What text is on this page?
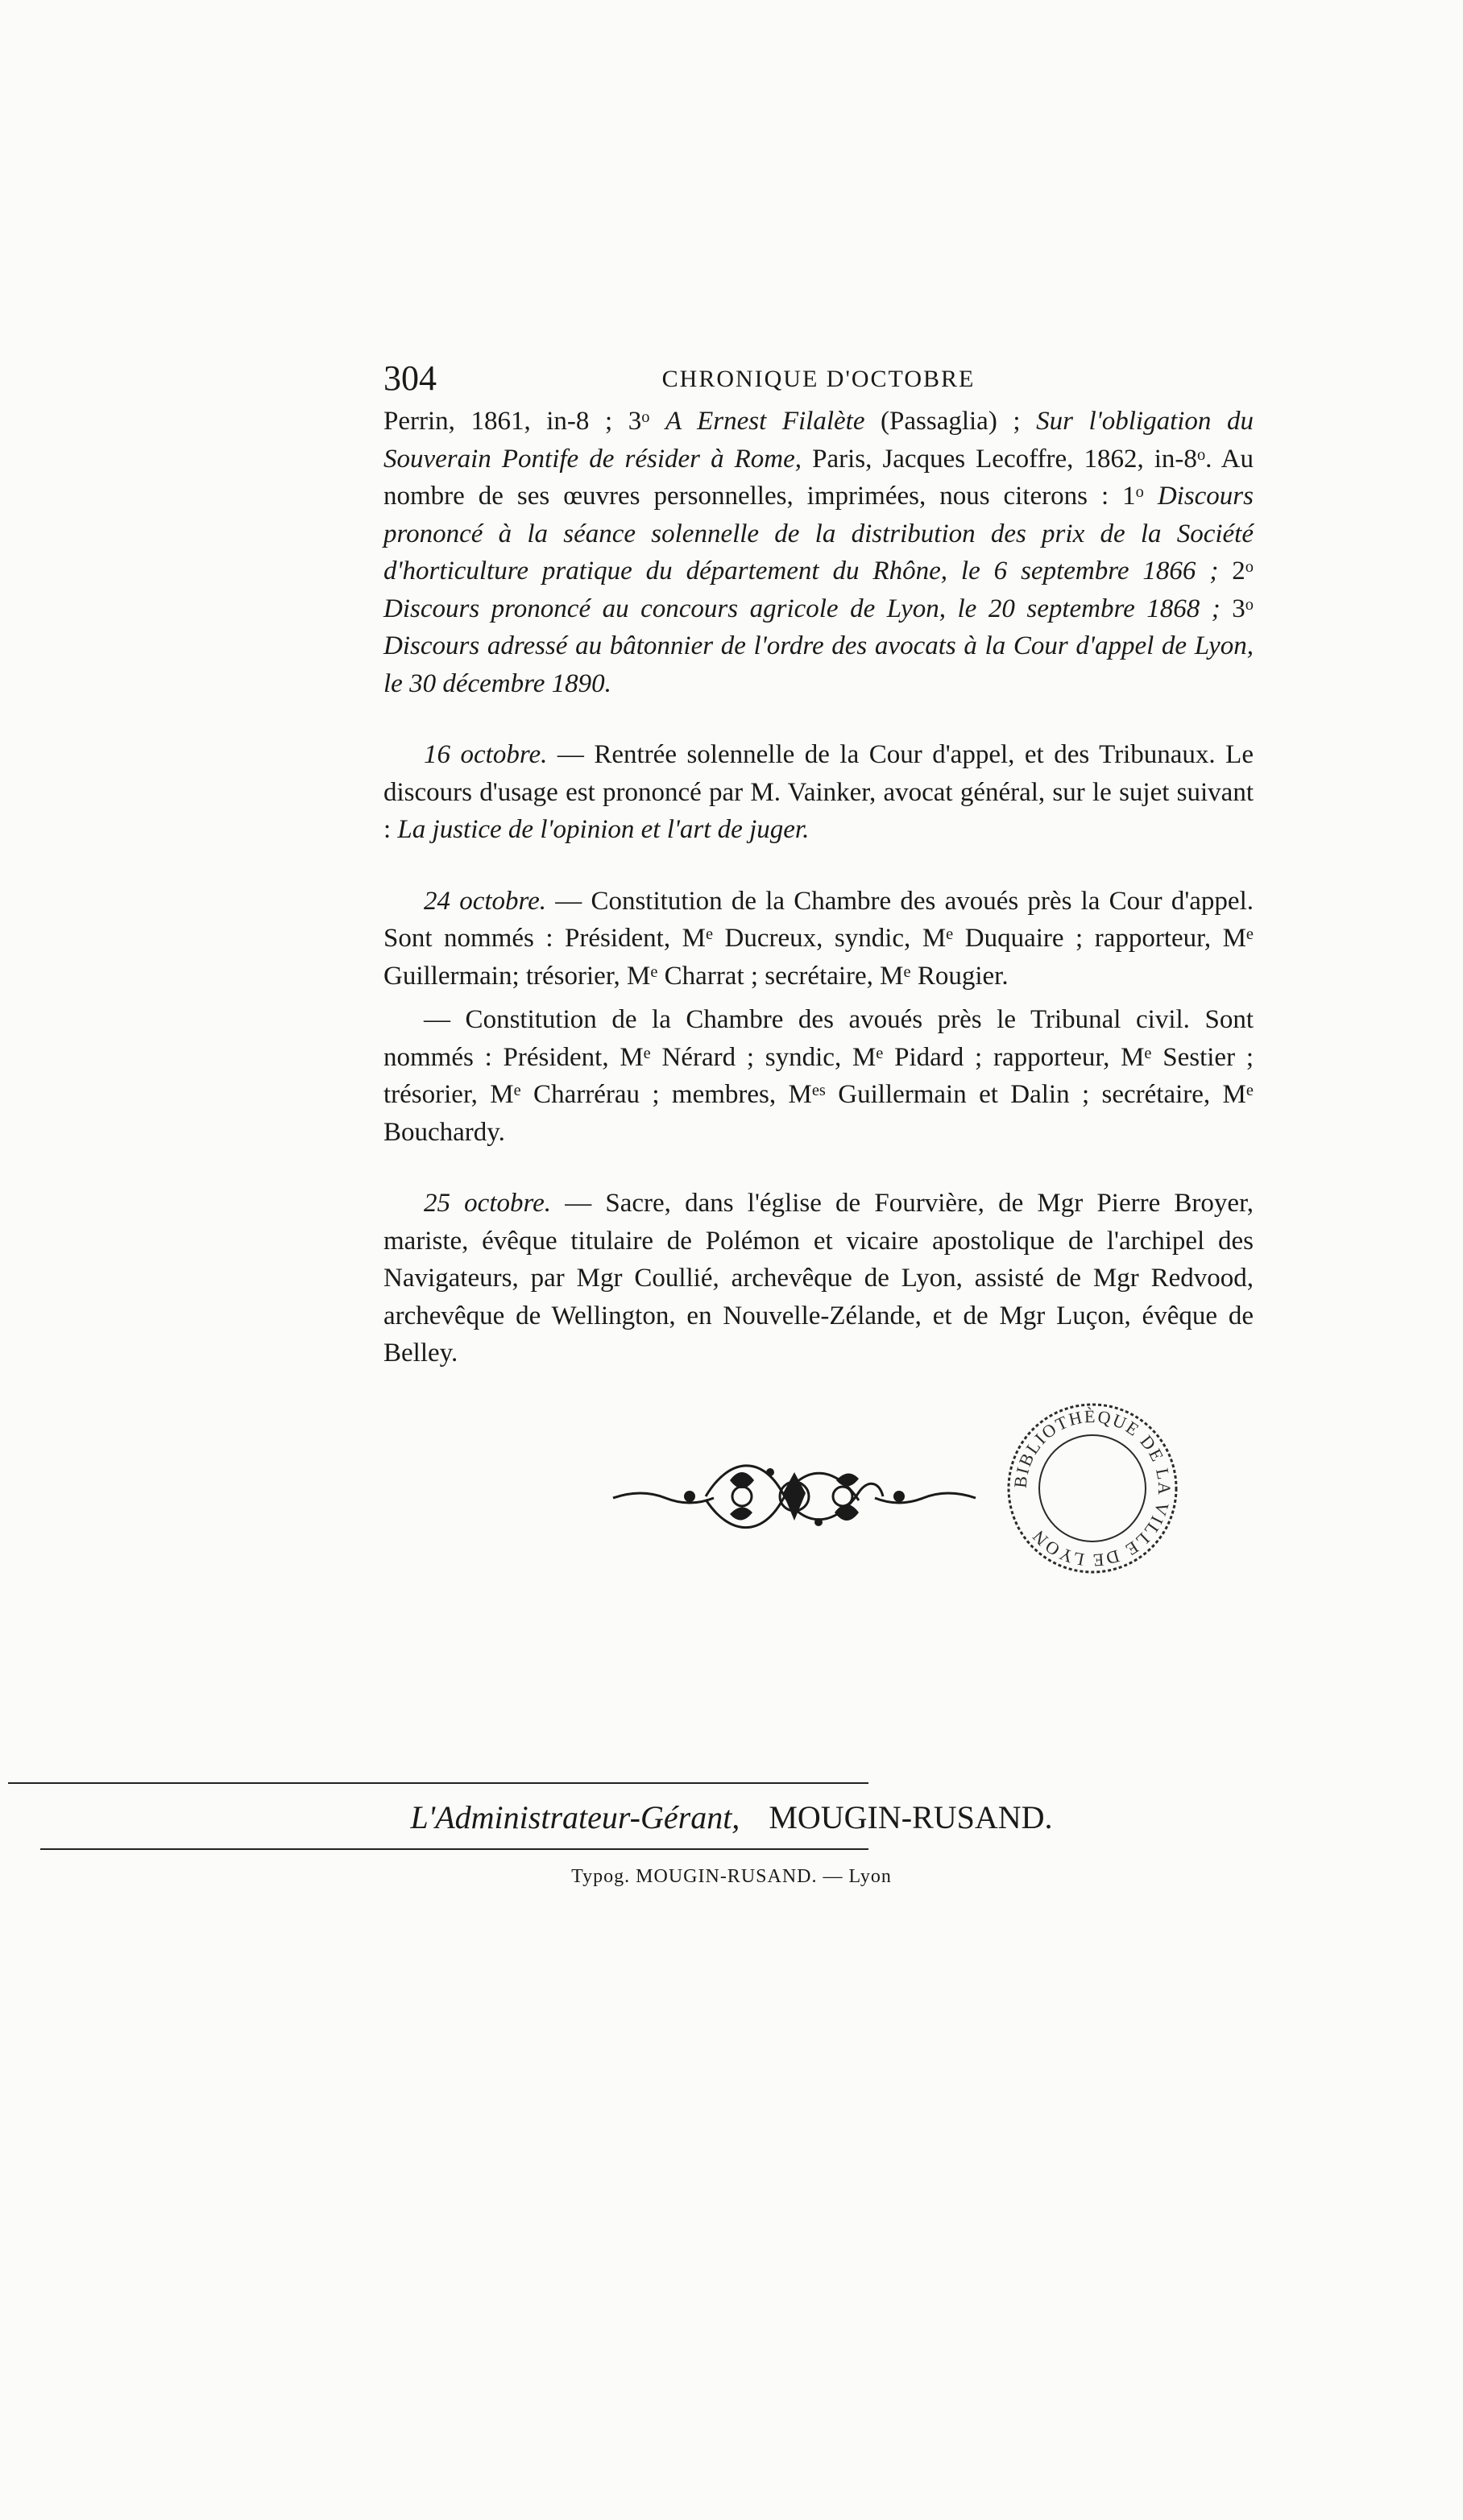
304	CHRONIQUE D'OCTOBRE

Perrin, 1861, in-8 ; 3$^o$ A Ernest Filalète (Passaglia) ; Sur l'obligation du Souverain Pontife de résider à Rome, Paris, Jacques Lecoffre, 1862, in-8$^o$. Au nombre de ses œuvres personnelles, imprimées, nous citerons : 1$^o$ Discours prononcé à la séance solennelle de la distribution des prix de la Société d'horticulture pratique du département du Rhône, le 6 septembre 1866 ; 2$^o$ Discours prononcé au concours agricole de Lyon, le 20 septembre 1868 ; 3$^o$ Discours adressé au bâtonnier de l'ordre des avocats à la Cour d'appel de Lyon, le 30 décembre 1890.

16 octobre. — Rentrée solennelle de la Cour d'appel, et des Tribunaux. Le discours d'usage est prononcé par M. Vainker, avocat général, sur le sujet suivant : La justice de l'opinion et l'art de juger.

24 octobre. — Constitution de la Chambre des avoués près la Cour d'appel. Sont nommés : Président, Me Ducreux, syndic, Me Duquaire ; rapporteur, Me Guillermain; trésorier, Me Charrat ; secrétaire, Me Rougier.

— Constitution de la Chambre des avoués près le Tribunal civil. Sont nommés : Président, Me Nérard ; syndic, Me Pidard ; rapporteur, Me Sestier ; trésorier, Me Charrérau ; membres, $M^{es}$ Guillermain et Dalin ; secrétaire, Me Bouchardy.

25 octobre. — Sacre, dans l'église de Fourvière, de Mgr Pierre Broyer, mariste, évêque titulaire de Polémon et vicaire apostolique de l'archipel des Navigateurs, par Mgr Coullié, archevêque de Lyon, assisté de Mgr Redvood, archevêque de Wellington, en Nouvelle-Zélande, et de Mgr Luçon, évêque de Belley.

BIBLIOTHÈQUE DE LA VILLE DE LYON
L'Administrateur-Gérant, MOUGIN-RUSAND.
Typog. MOUGIN-RUSAND. — Lyon
